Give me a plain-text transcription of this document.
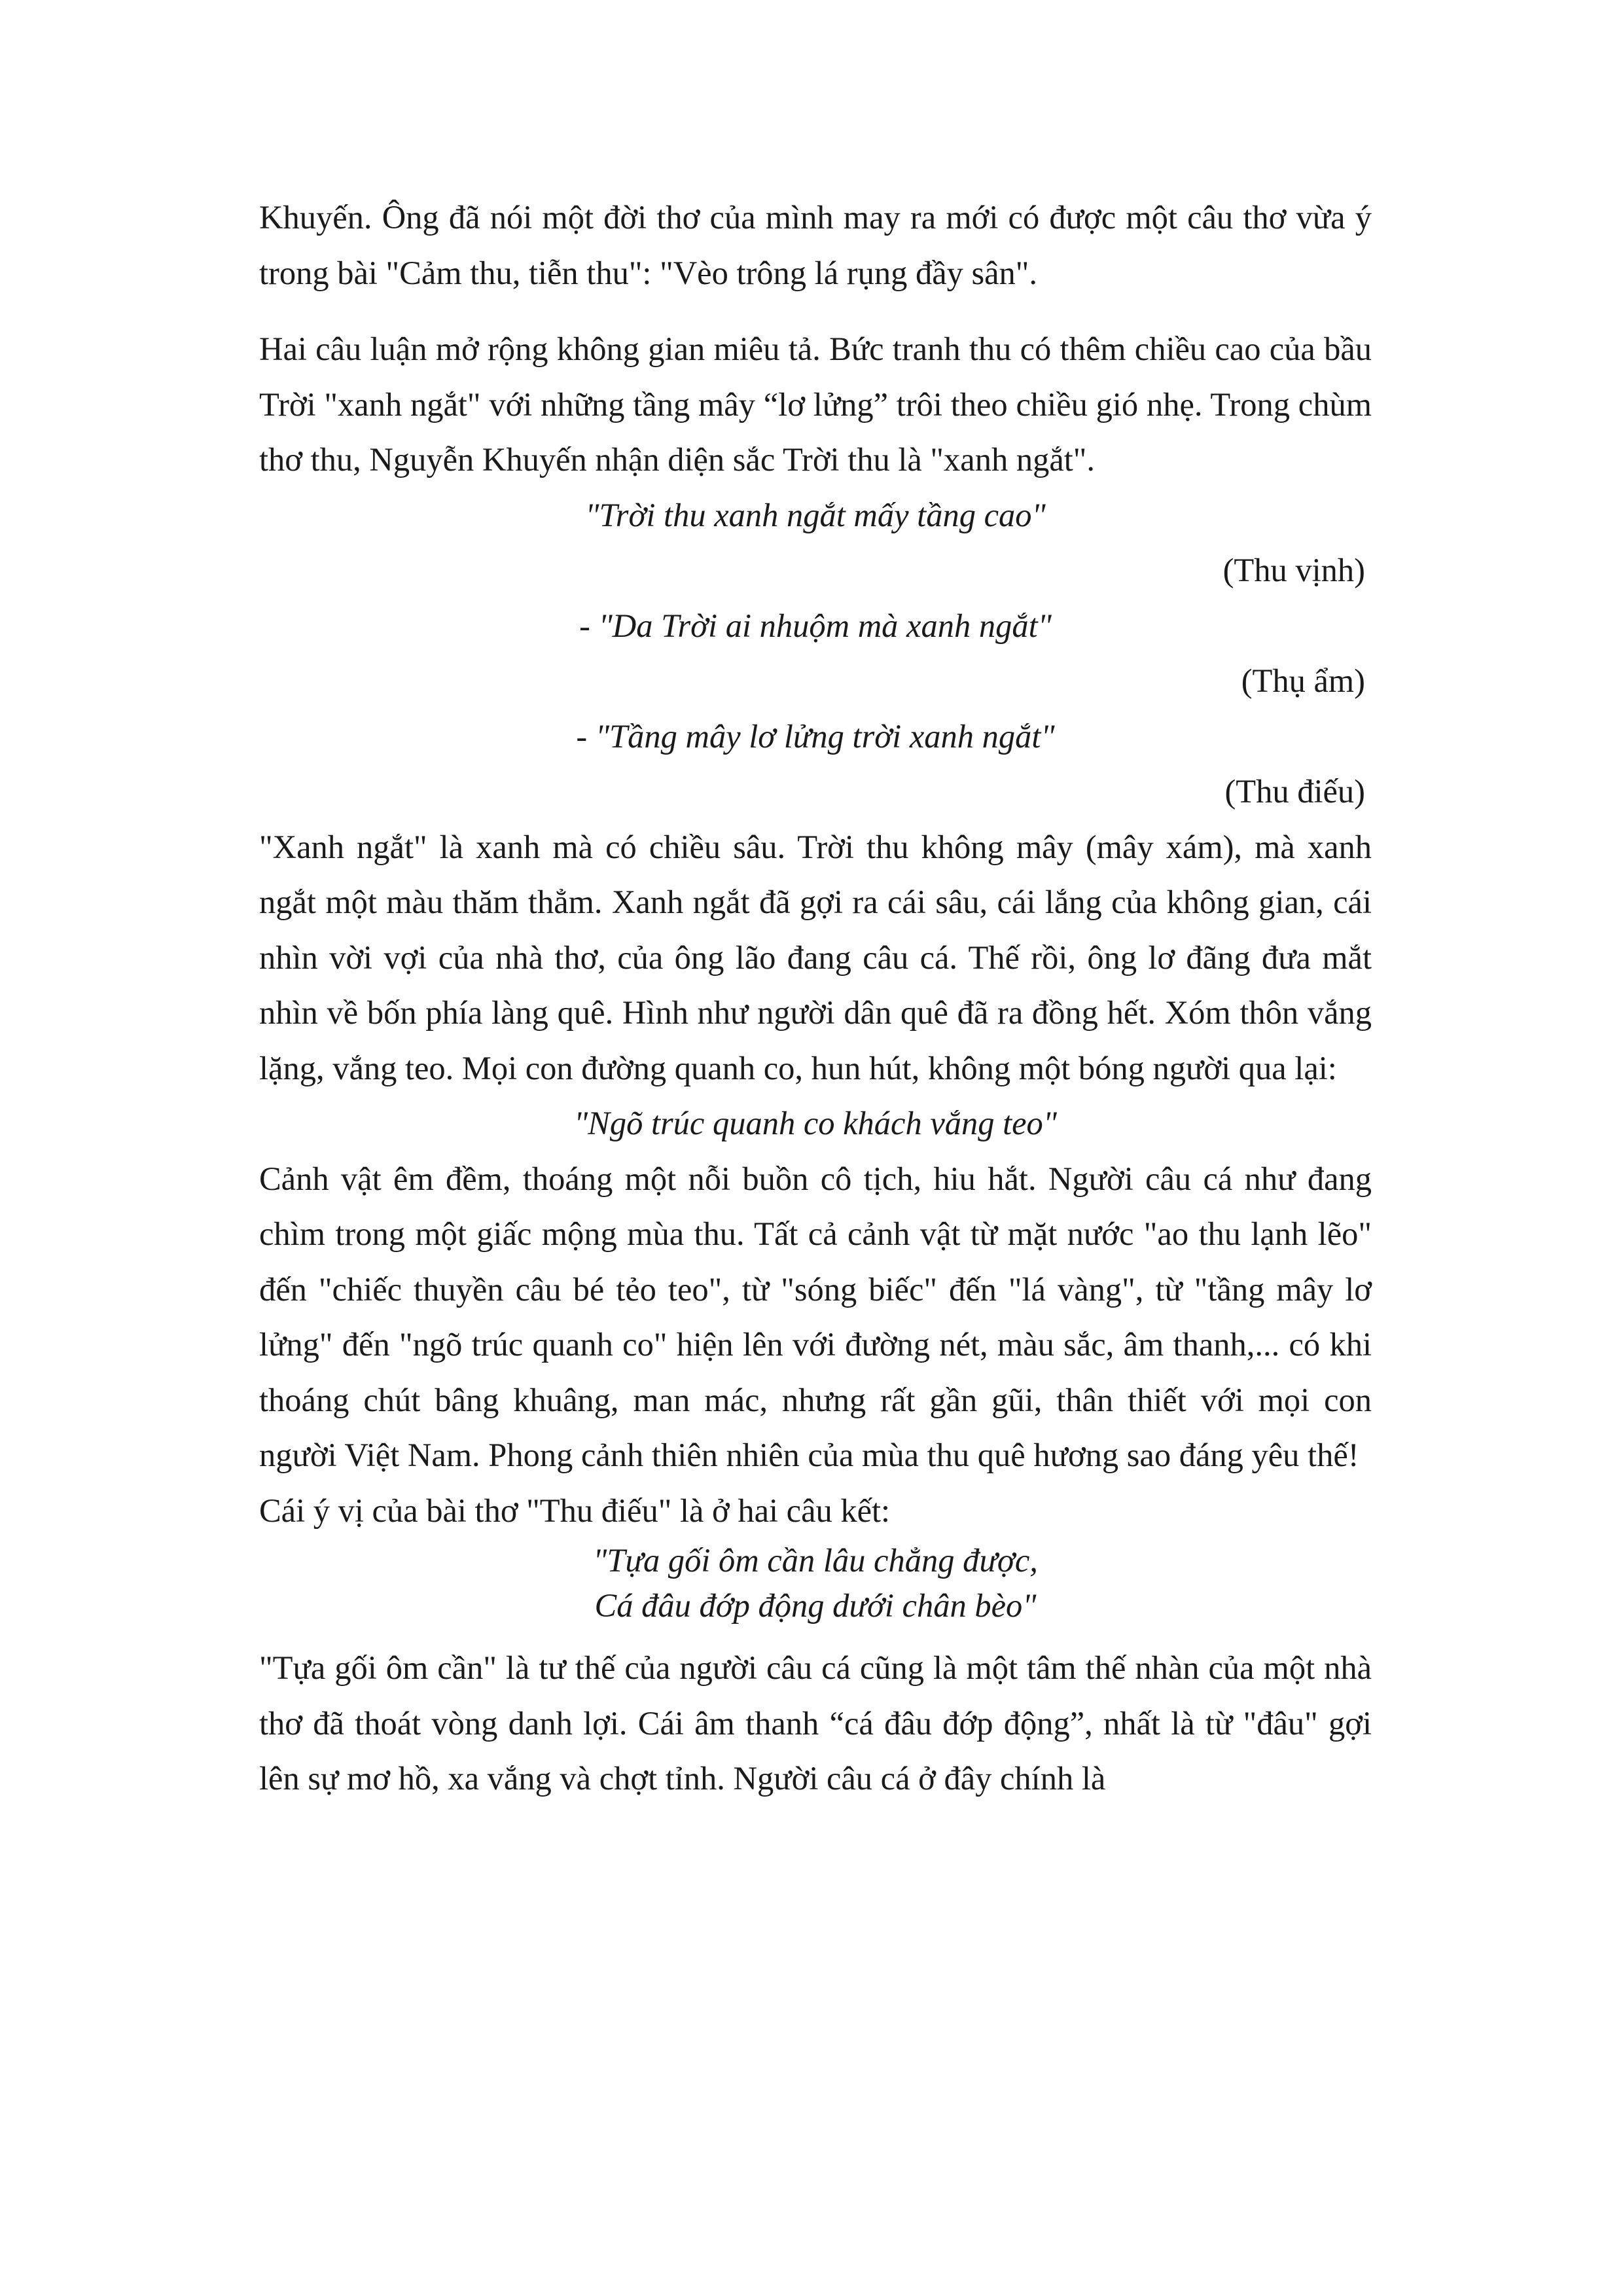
Khuyến. Ông đã nói một đời thơ của mình may ra mới có được một câu thơ vừa ý trong bài "Cảm thu, tiễn thu": "Vèo trông lá rụng đầy sân".

Hai câu luận mở rộng không gian miêu tả. Bức tranh thu có thêm chiều cao của bầu Trời "xanh ngắt" với những tầng mây “lơ lửng” trôi theo chiều gió nhẹ. Trong chùm thơ thu, Nguyễn Khuyến nhận diện sắc Trời thu là "xanh ngắt".

"Trời thu xanh ngắt mấy tầng cao"

(Thu vịnh)

- "Da Trời ai nhuộm mà xanh ngắt"

(Thụ ẩm)

- "Tầng mây lơ lửng trời xanh ngắt"

(Thu điếu)

"Xanh ngắt" là xanh mà có chiều sâu. Trời thu không mây (mây xám), mà xanh ngắt một màu thăm thẳm. Xanh ngắt đã gợi ra cái sâu, cái lắng của không gian, cái nhìn vời vợi của nhà thơ, của ông lão đang câu cá. Thế rồi, ông lơ đãng đưa mắt nhìn về bốn phía làng quê. Hình như người dân quê đã ra đồng hết. Xóm thôn vắng lặng, vắng teo. Mọi con đường quanh co, hun hút, không một bóng người qua lại:

"Ngõ trúc quanh co khách vắng teo"

Cảnh vật êm đềm, thoáng một nỗi buồn cô tịch, hiu hắt. Người câu cá như đang chìm trong một giấc mộng mùa thu. Tất cả cảnh vật từ mặt nước "ao thu lạnh lẽo" đến "chiếc thuyền câu bé tẻo teo", từ "sóng biếc" đến "lá vàng", từ "tầng mây lơ lửng" đến "ngõ trúc quanh co" hiện lên với đường nét, màu sắc, âm thanh,... có khi thoáng chút bâng khuâng, man mác, nhưng rất gần gũi, thân thiết với mọi con người Việt Nam. Phong cảnh thiên nhiên của mùa thu quê hương sao đáng yêu thế!

Cái ý vị của bài thơ "Thu điếu" là ở hai câu kết:

"Tựa gối ôm cần lâu chẳng được,
Cá đâu đớp động dưới chân bèo"

"Tựa gối ôm cần" là tư thế của người câu cá cũng là một tâm thế nhàn của một nhà thơ đã thoát vòng danh lợi. Cái âm thanh “cá đâu đớp động”, nhất là từ "đâu" gợi lên sự mơ hồ, xa vắng và chợt tỉnh. Người câu cá ở đây chính là
